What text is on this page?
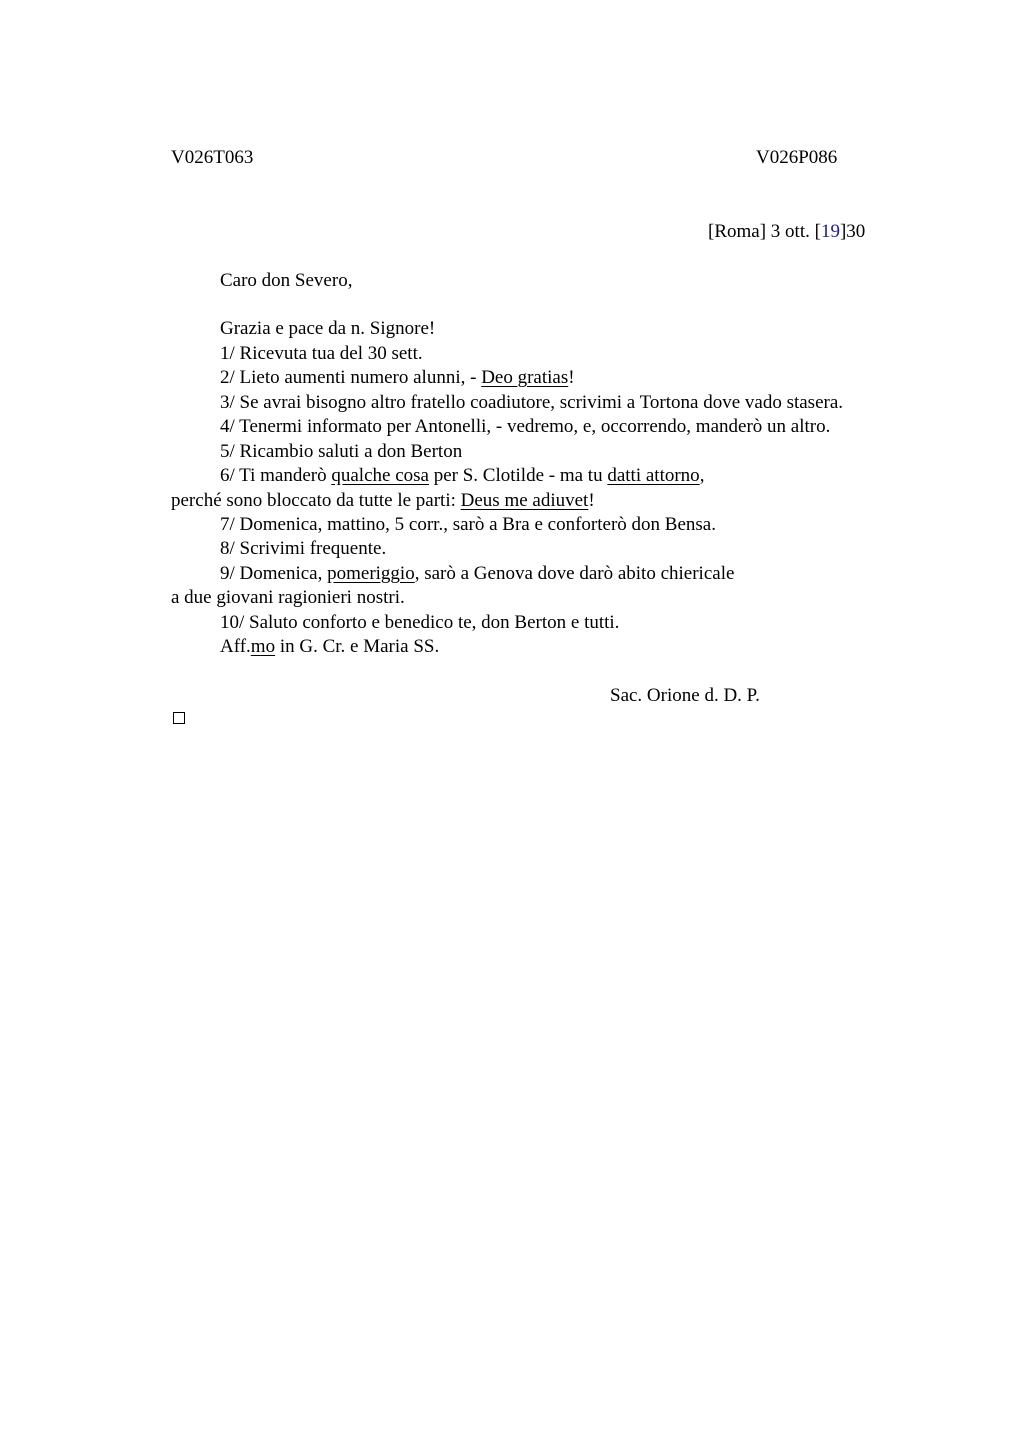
V026T063	V026P086
[Roma] 3 ott. [19]30
Caro don Severo,
Grazia e pace da n. Signore!
1/ Ricevuta tua del 30 sett.
2/ Lieto aumenti numero alunni, - Deo gratias!
3/ Se avrai bisogno altro fratello coadiutore, scrivimi a Tortona dove vado stasera.
4/ Tenermi informato per Antonelli, - vedremo, e, occorrendo, manderò un altro.
5/ Ricambio saluti a don Berton
6/ Ti manderò qualche cosa per S. Clotilde - ma tu datti attorno,
perché sono bloccato da tutte le parti: Deus me adiuvet!
7/ Domenica, mattino, 5 corr., sarò a Bra e conforterò don Bensa.
8/ Scrivimi frequente.
9/ Domenica, pomeriggio, sarò a Genova dove darò abito chiericale
a due giovani ragionieri nostri.
10/ Saluto conforto e benedico te, don Berton e tutti.
Aff.mo in G. Cr. e Maria SS.
Sac. Orione d. D. P.
